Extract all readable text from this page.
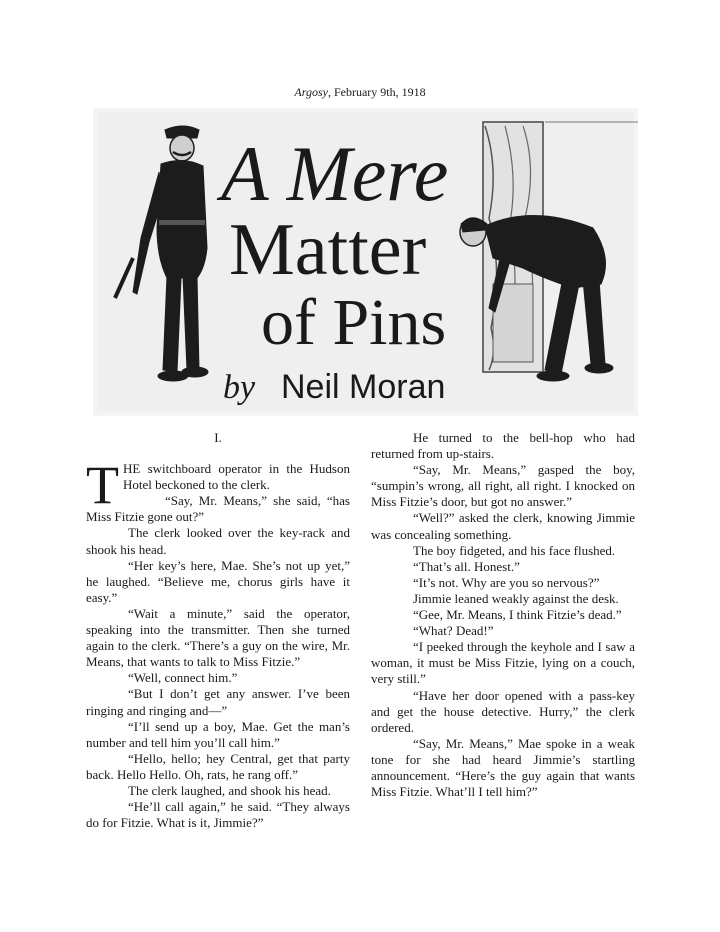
Argosy, February 9th, 1918
A Mere
Matter
of Pins
by Neil Moran
I.

THE switchboard operator in the Hudson Hotel beckoned to the clerk.

“Say, Mr. Means,” she said, “has Miss Fitzie gone out?”

The clerk looked over the key-rack and shook his head.

“Her key’s here, Mae. She’s not up yet,” he laughed. “Believe me, chorus girls have it easy.”

“Wait a minute,” said the operator, speaking into the transmitter. Then she turned again to the clerk. “There’s a guy on the wire, Mr. Means, that wants to talk to Miss Fitzie.”

“Well, connect him.”

“But I don’t get any answer. I’ve been ringing and ringing and—”

“I’ll send up a boy, Mae. Get the man’s number and tell him you’ll call him.”

“Hello, hello; hey Central, get that party back. Hello Hello. Oh, rats, he rang off.”

The clerk laughed, and shook his head.

“He’ll call again,” he said. “They always do for Fitzie. What is it, Jimmie?”

He turned to the bell-hop who had returned from up-stairs.

“Say, Mr. Means,” gasped the boy, “sumpin’s wrong, all right, all right. I knocked on Miss Fitzie’s door, but got no answer.”

“Well?” asked the clerk, knowing Jimmie was concealing something.

The boy fidgeted, and his face flushed.

“That’s all. Honest.”

“It’s not. Why are you so nervous?”

Jimmie leaned weakly against the desk.

“Gee, Mr. Means, I think Fitzie’s dead.”

“What? Dead!”

“I peeked through the keyhole and I saw a woman, it must be Miss Fitzie, lying on a couch, very still.”

“Have her door opened with a pass-key and get the house detective. Hurry,” the clerk ordered.

“Say, Mr. Means,” Mae spoke in a weak tone for she had heard Jimmie’s startling announcement. “Here’s the guy again that wants Miss Fitzie. What’ll I tell him?”
